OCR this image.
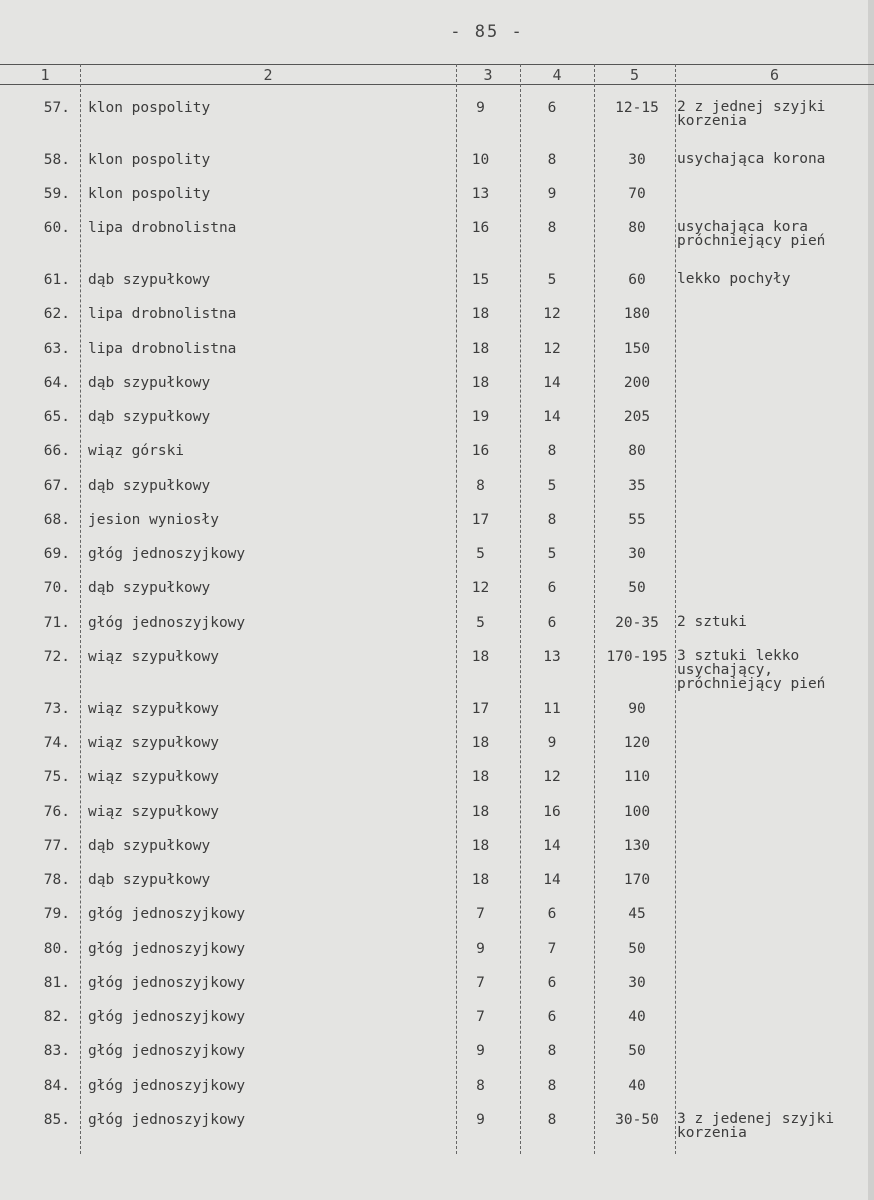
- 85 -
1	2	3	4	5	6
57. klon pospolity	9	6	12-15	2 z jednej szyjki korzenia
58. klon pospolity	10	8	30	usychająca korona
59. klon pospolity	13	9	70
60. lipa drobnolistna	16	8	80	usychająca kora próchniejący pień
61. dąb szypułkowy	15	5	60	lekko pochyły
62. lipa drobnolistna	18	12	180
63. lipa drobnolistna	18	12	150
64. dąb szypułkowy	18	14	200
65. dąb szypułkowy	19	14	205
66. wiąz górski	16	8	80
67. dąb szypułkowy	8	5	35
68. jesion wyniosły	17	8	55
69. głóg jednoszyjkowy	5	5	30
70. dąb szypułkowy	12	6	50
71. głóg jednoszyjkowy	5	6	20-35	2 sztuki
72. wiąz szypułkowy	18	13	170-195 3 sztuki lekko usychający, próchniejący pień
73. wiąz szypułkowy	17	11	90
74. wiąz szypułkowy	18	9	120
75. wiąz szypułkowy	18	12	110
76. wiąz szypułkowy	18	16	100
77. dąb szypułkowy	18	14	130
78. dąb szypułkowy	18	14	170
79. głóg jednoszyjkowy	7	6	45
80. głóg jednoszyjkowy	9	7	50
81. głóg jednoszyjkowy	7	6	30
82. głóg jednoszyjkowy	7	6	40
83. głóg jednoszyjkowy	9	8	50
84. głóg jednoszyjkowy	8	8	40
85. głóg jednoszyjkowy	9	8	30-50	3 z jedenej szyjki korzenia
